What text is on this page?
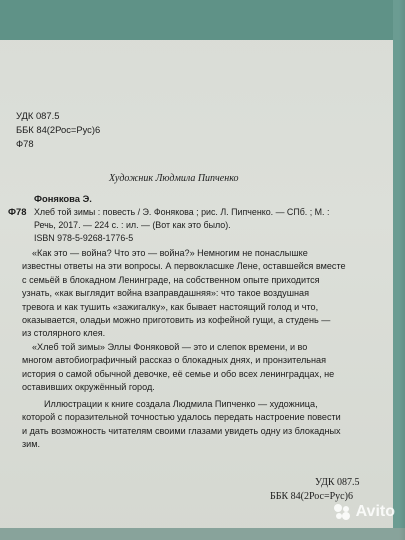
УДК 087.5

ББК 84(2Рос=Рус)6

Ф78

Художник Людмила Пипченко

Фонякова Э.

Ф78 Хлеб той зимы : повесть / Э. Фонякова ; рис. Л. Пипченко. — СПб. ; М. :

Речь, 2017. — 224 с. : ил. — (Вот как это было).

ISBN 978-5-9268-1776-5

«Как это — война? Что это — война?» Немногим не понаслышке
известны ответы на эти вопросы. А первокласшке Лене, оставшейся вместе
с семьёй в блокадном Ленинграде, на собственном опыте приходится
узнать, «как выглядит война взаправдашняя»: что такое воздушная
тревога и как тушить «зажигалку», как бывает настоящий голод и что,
оказывается, оладьи можно приготовить из кофейной гущи, а студень —
из столярного клея.
«Хлеб той зимы» Эллы Фоняковой — это и слепок времени, и во
многом автобиографичный рассказ о блокадных днях, и пронзительная
история о самой обычной девочке, её семье и обо всех ленинградцах, не
оставивших окружённый город.
Иллюстрации к книге создала Людмила Пипченко — художница,
которой с поразительной точностью удалось передать настроение повести
и дать возможность читателям своими глазами увидеть одну из блокадных
зим.

УДК 087.5

ББК 84(2Рос=Рус)6

Avito
